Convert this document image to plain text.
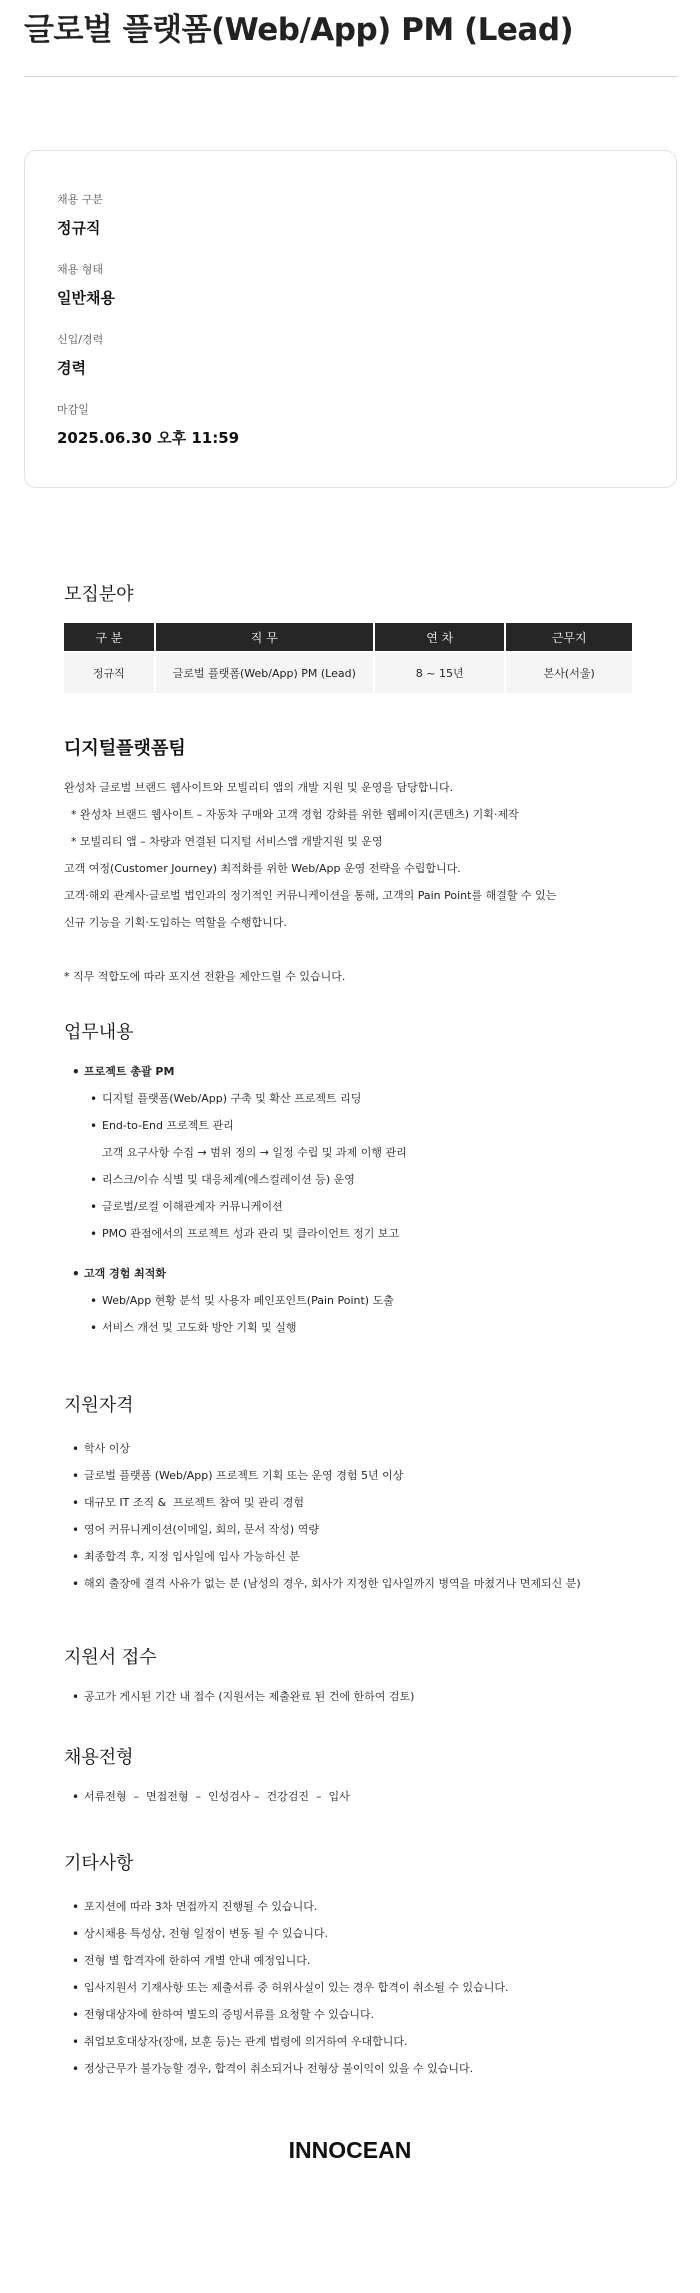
글로벌 플랫폼(Web/App) PM (Lead)
채용 구분
정규직
채용 형태
일반채용
신입/경력
경력
마감일
2025.06.30 오후 11:59
모집분야
구 분	직 무	연 차	근무지
정규직	글로벌 플랫폼(Web/App) PM (Lead)	8 ~ 15년	본사(서울)
디지털플랫폼팀
완성차 글로벌 브랜드 웹사이트와 모빌리티 앱의 개발 지원 및 운영을 담당합니다.
* 완성차 브랜드 웹사이트 – 자동차 구매와 고객 경험 강화를 위한 웹페이지(콘텐츠) 기획·제작
* 모빌리티 앱 – 차량과 연결된 디지털 서비스앱 개발지원 및 운영
고객 여정(Customer Journey) 최적화를 위한 Web/App 운영 전략을 수립합니다.
고객·해외 관계사·글로벌 법인과의 정기적인 커뮤니케이션을 통해, 고객의 Pain Point를 해결할 수 있는
신규 기능을 기획·도입하는 역할을 수행합니다.
* 직무 적합도에 따라 포지션 전환을 제안드릴 수 있습니다.
업무내용
• 프로젝트 총괄 PM
• 디지털 플랫폼(Web/App) 구축 및 확산 프로젝트 리딩
• End-to-End 프로젝트 관리
고객 요구사항 수집 → 범위 정의 → 일정 수립 및 과제 이행 관리
• 리스크/이슈 식별 및 대응체계(에스컬레이션 등) 운영
• 글로벌/로컬 이해관계자 커뮤니케이션
• PMO 관점에서의 프로젝트 성과 관리 및 클라이언트 정기 보고
• 고객 경험 최적화
• Web/App 현황 분석 및 사용자 페인포인트(Pain Point) 도출
• 서비스 개선 및 고도화 방안 기획 및 실행
지원자격
• 학사 이상
• 글로벌 플랫폼 (Web/App) 프로젝트 기획 또는 운영 경험 5년 이상
• 대규모 IT 조직 &  프로젝트 참여 및 관리 경험
• 영어 커뮤니케이션(이메일, 회의, 문서 작성) 역량
• 최종합격 후, 지정 입사일에 입사 가능하신 분
• 해외 출장에 결격 사유가 없는 분 (남성의 경우, 회사가 지정한 입사일까지 병역을 마쳤거나 면제되신 분)
지원서 접수
• 공고가 게시된 기간 내 접수 (지원서는 제출완료 된 건에 한하여 검토)
채용전형
• 서류전형  –  면접전형  –  인성검사 –  건강검진  –  입사
기타사항
• 포지션에 따라 3차 면접까지 진행될 수 있습니다.
• 상시채용 특성상, 전형 일정이 변동 될 수 있습니다.
• 전형 별 합격자에 한하여 개별 안내 예정입니다.
• 입사지원서 기재사항 또는 제출서류 중 허위사실이 있는 경우 합격이 취소될 수 있습니다.
• 전형대상자에 한하여 별도의 증빙서류를 요청할 수 있습니다.
• 취업보호대상자(장애, 보훈 등)는 관계 법령에 의거하여 우대합니다.
• 정상근무가 불가능할 경우, 합격이 취소되거나 전형상 불이익이 있을 수 있습니다.
INNOCEAN
